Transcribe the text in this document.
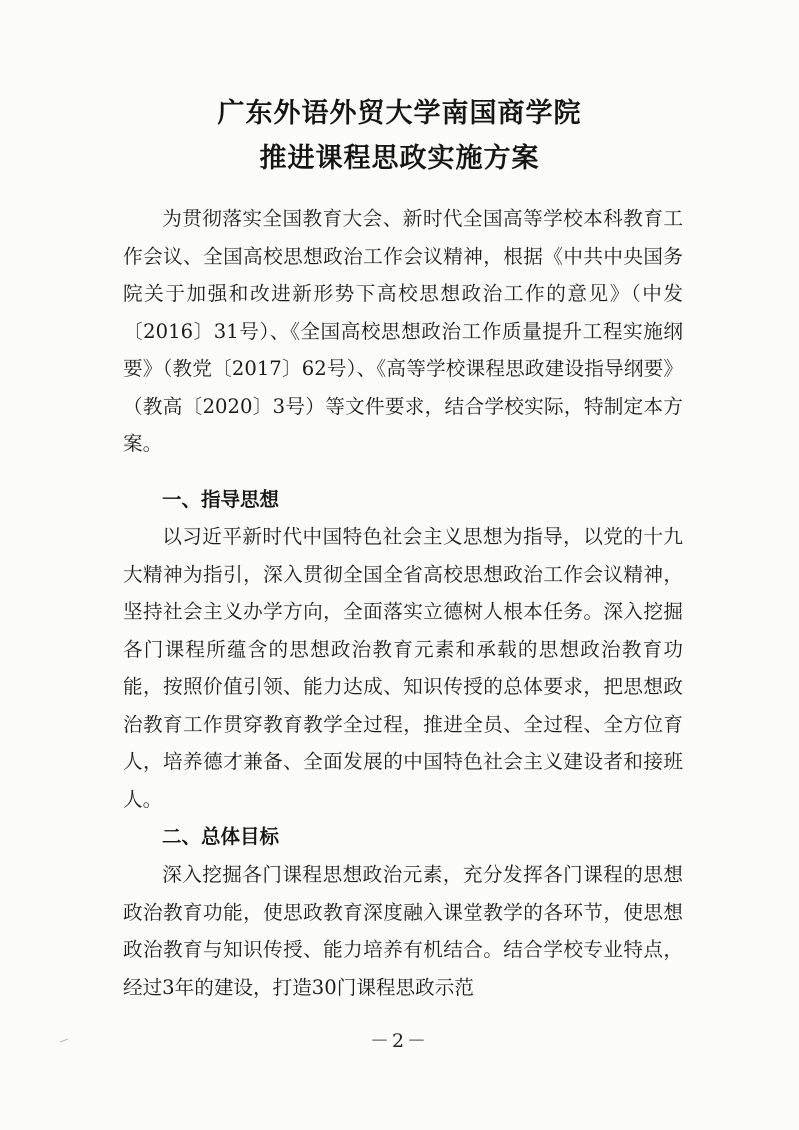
广东外语外贸大学南国商学院
推进课程思政实施方案

为贯彻落实全国教育大会、新时代全国高等学校本科教育工作会议、全国高校思想政治工作会议精神，根据《中共中央国务院关于加强和改进新形势下高校思想政治工作的意见》（中发〔2016〕31号）、《全国高校思想政治工作质量提升工程实施纲要》（教党〔2017〕62号）、《高等学校课程思政建设指导纲要》（教高〔2020〕3号）等文件要求，结合学校实际，特制定本方案。

一、指导思想

以习近平新时代中国特色社会主义思想为指导，以党的十九大精神为指引，深入贯彻全国全省高校思想政治工作会议精神，坚持社会主义办学方向，全面落实立德树人根本任务。深入挖掘各门课程所蕴含的思想政治教育元素和承载的思想政治教育功能，按照价值引领、能力达成、知识传授的总体要求，把思想政治教育工作贯穿教育教学全过程，推进全员、全过程、全方位育人，培养德才兼备、全面发展的中国特色社会主义建设者和接班人。

二、总体目标

深入挖掘各门课程思想政治元素，充分发挥各门课程的思想政治教育功能，使思政教育深度融入课堂教学的各环节，使思想政治教育与知识传授、能力培养有机结合。结合学校专业特点，经过3年的建设，打造30门课程思政示范

－2－
